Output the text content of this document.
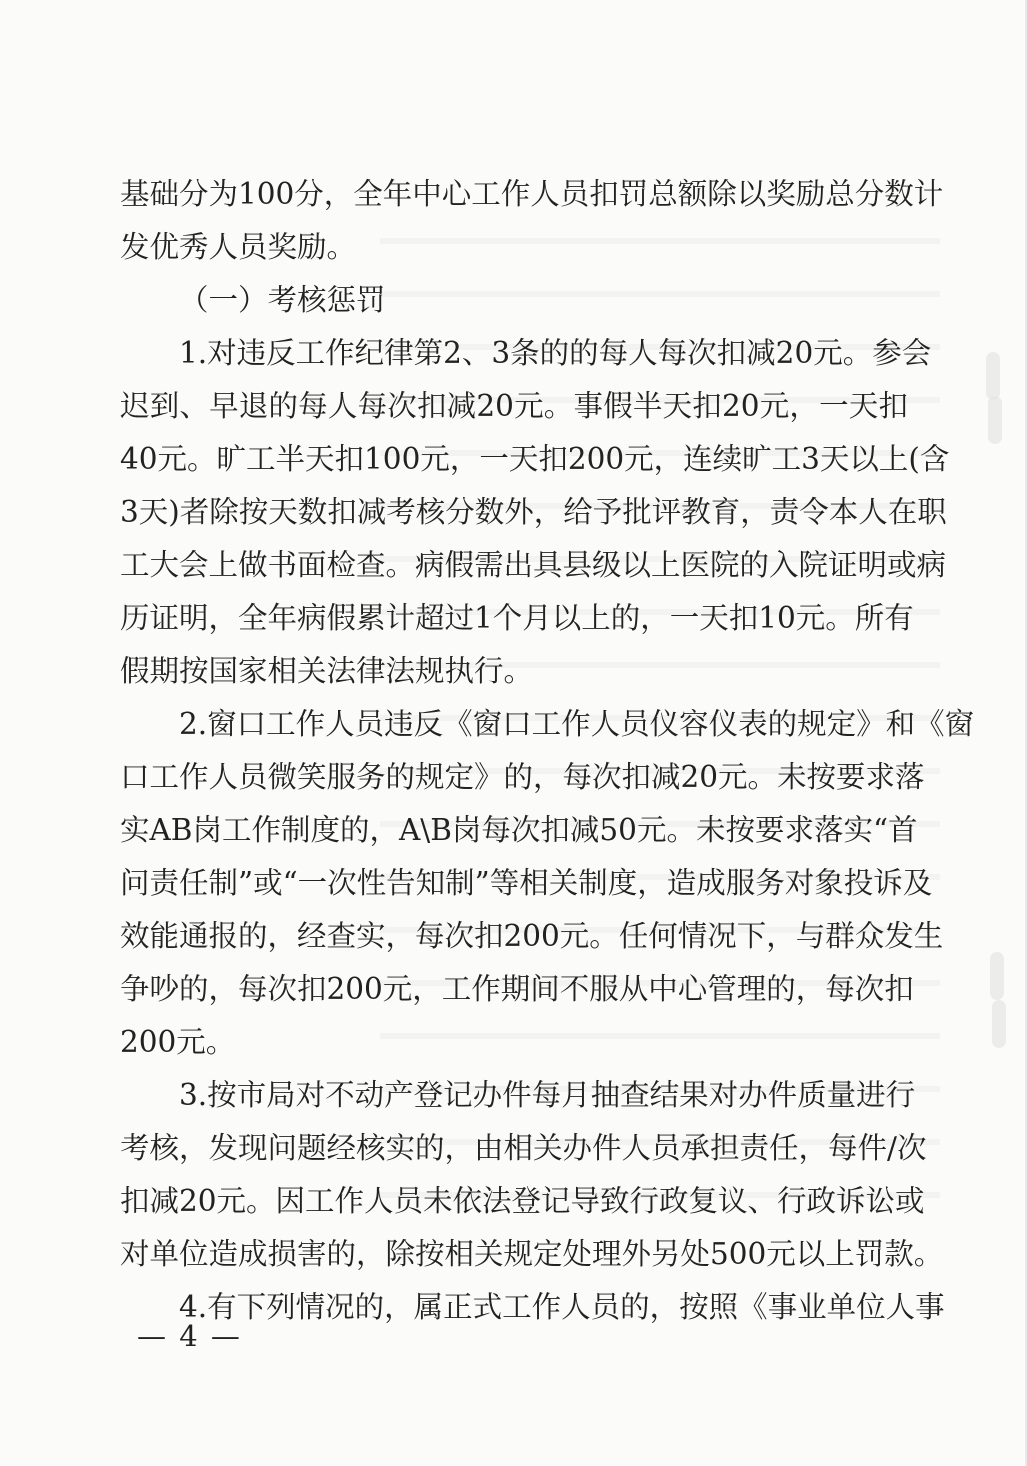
基础分为100分，全年中心工作人员扣罚总额除以奖励总分数计
发优秀人员奖励。
（一）考核惩罚
1.对违反工作纪律第2、3条的的每人每次扣减20元。参会
迟到、早退的每人每次扣减20元。事假半天扣20元，一天扣
40元。旷工半天扣100元，一天扣200元，连续旷工3天以上(含
3天)者除按天数扣减考核分数外，给予批评教育，责令本人在职
工大会上做书面检查。病假需出具县级以上医院的入院证明或病
历证明，全年病假累计超过1个月以上的，一天扣10元。所有
假期按国家相关法律法规执行。
2.窗口工作人员违反《窗口工作人员仪容仪表的规定》和《窗
口工作人员微笑服务的规定》的，每次扣减20元。未按要求落
实AB岗工作制度的，A\B岗每次扣减50元。未按要求落实“首
问责任制”或“一次性告知制”等相关制度，造成服务对象投诉及
效能通报的，经查实，每次扣200元。任何情况下，与群众发生
争吵的，每次扣200元，工作期间不服从中心管理的，每次扣
200元。
3.按市局对不动产登记办件每月抽查结果对办件质量进行
考核，发现问题经核实的，由相关办件人员承担责任，每件/次
扣减20元。因工作人员未依法登记导致行政复议、行政诉讼或
对单位造成损害的，除按相关规定处理外另处500元以上罚款。
4.有下列情况的，属正式工作人员的，按照《事业单位人事
— 4 —
